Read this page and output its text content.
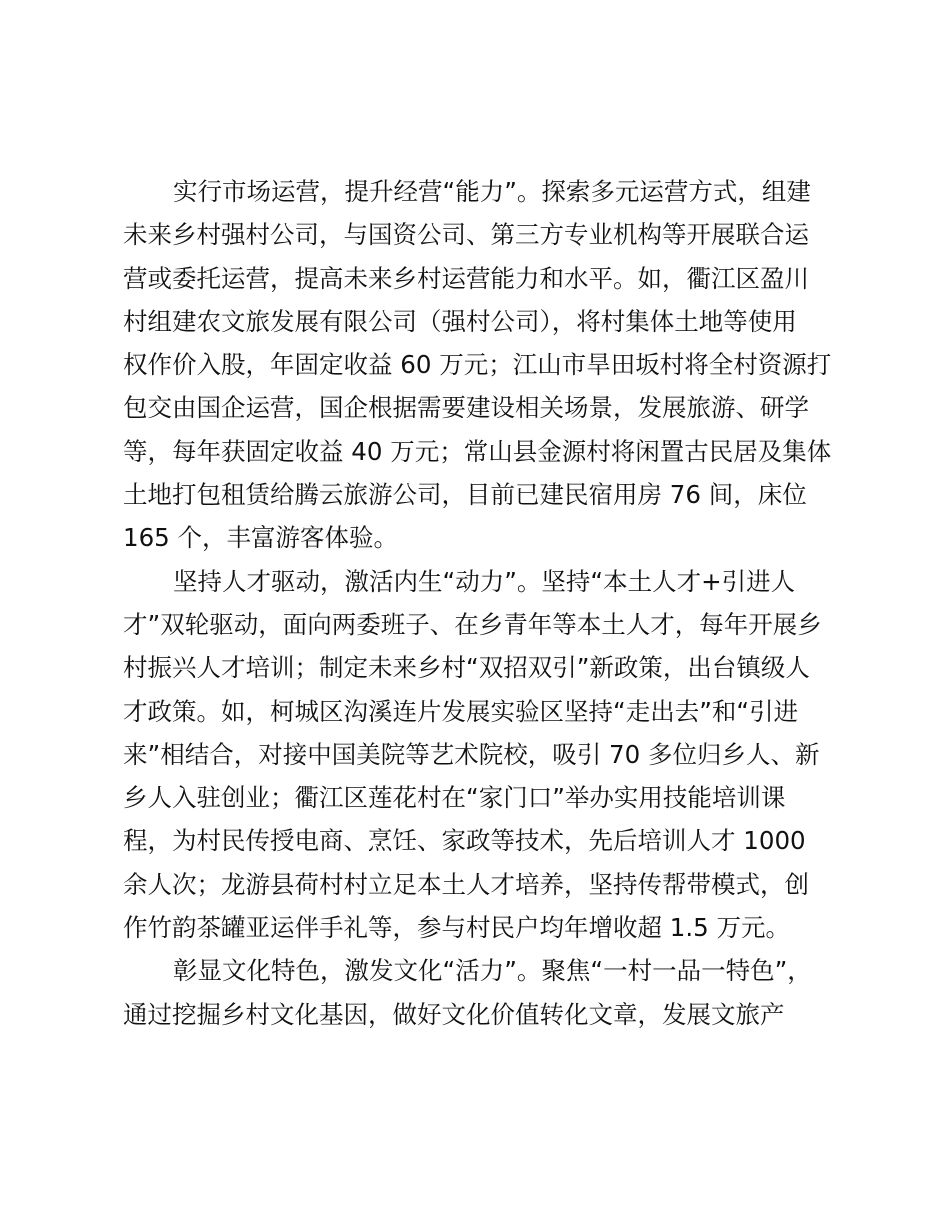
实行市场运营，提升经营“能力”。探索多元运营方式，组建
未来乡村强村公司，与国资公司、第三方专业机构等开展联合运
营或委托运营，提高未来乡村运营能力和水平。如，衢江区盈川
村组建农文旅发展有限公司（强村公司），将村集体土地等使用
权作价入股，年固定收益 60 万元；江山市旱田坂村将全村资源打
包交由国企运营，国企根据需要建设相关场景，发展旅游、研学
等，每年获固定收益 40 万元；常山县金源村将闲置古民居及集体
土地打包租赁给腾云旅游公司，目前已建民宿用房 76 间，床位
165 个，丰富游客体验。
坚持人才驱动，激活内生“动力”。坚持“本土人才+引进人
才”双轮驱动，面向两委班子、在乡青年等本土人才，每年开展乡
村振兴人才培训；制定未来乡村“双招双引”新政策，出台镇级人
才政策。如，柯城区沟溪连片发展实验区坚持“走出去”和“引进
来”相结合，对接中国美院等艺术院校，吸引 70 多位归乡人、新
乡人入驻创业；衢江区莲花村在“家门口”举办实用技能培训课
程，为村民传授电商、烹饪、家政等技术，先后培训人才 1000
余人次；龙游县荷村村立足本土人才培养，坚持传帮带模式，创
作竹韵茶罐亚运伴手礼等，参与村民户均年增收超 1.5 万元。
彰显文化特色，激发文化“活力”。聚焦“一村一品一特色”，
通过挖掘乡村文化基因，做好文化价值转化文章，发展文旅产
